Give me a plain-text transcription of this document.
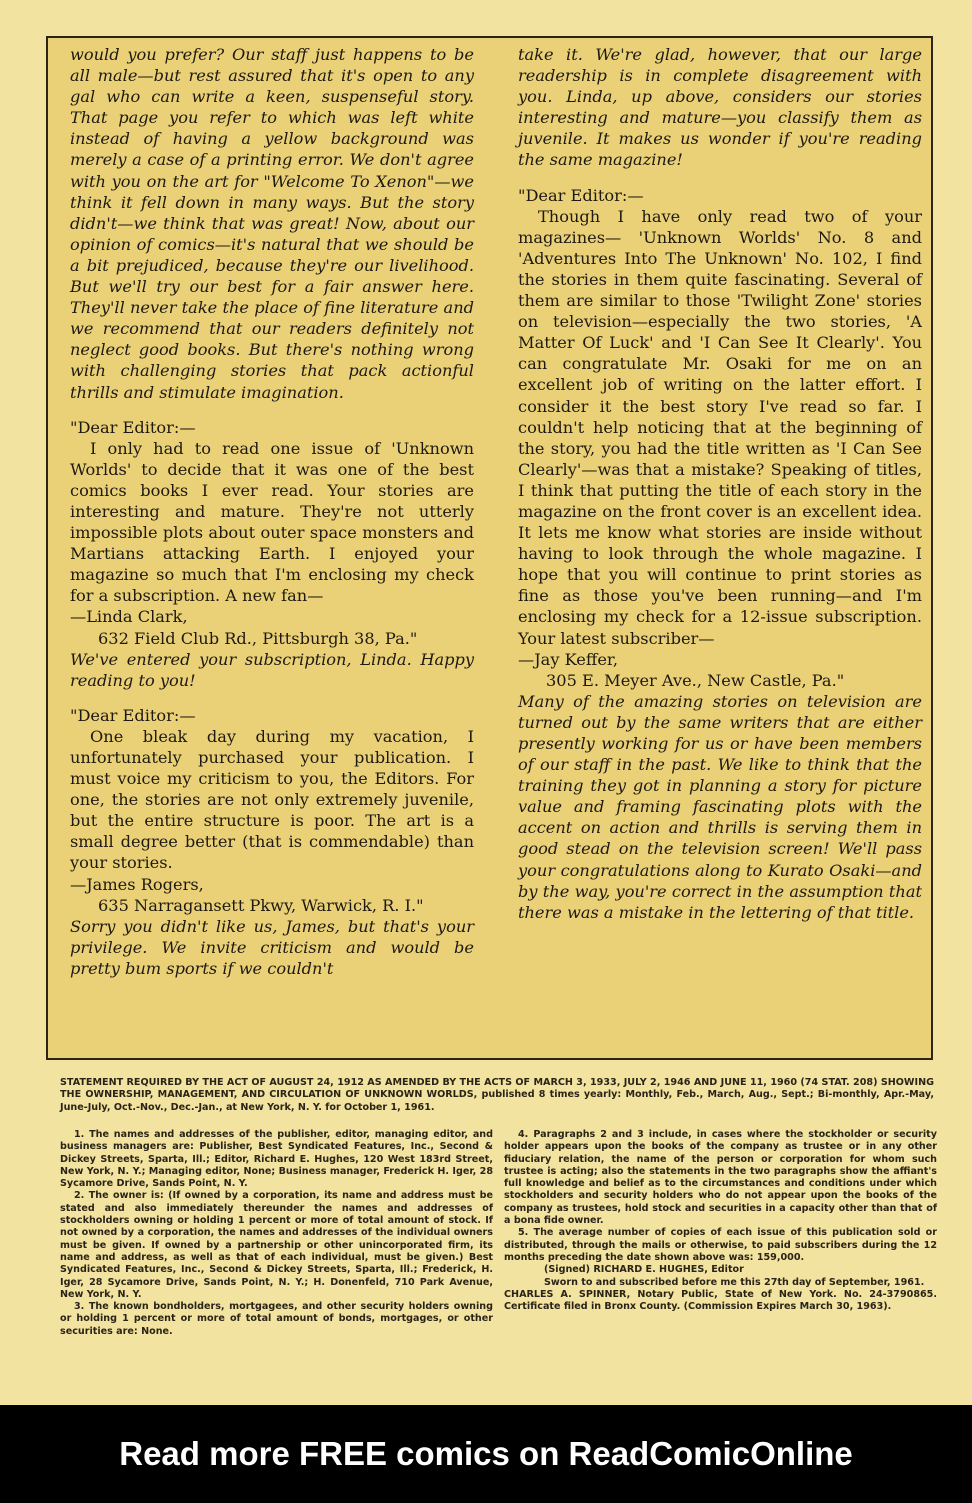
would you prefer? Our staff just happens to be all male—but rest assured that it's open to any gal who can write a keen, suspenseful story. That page you refer to which was left white instead of having a yellow background was merely a case of a printing error. We don't agree with you on the art for "Welcome To Xenon"—we think it fell down in many ways. But the story didn't—we think that was great! Now, about our opinion of comics—it's natural that we should be a bit prejudiced, because they're our livelihood. But we'll try our best for a fair answer here. They'll never take the place of fine literature and we recommend that our readers definitely not neglect good books. But there's nothing wrong with challenging stories that pack actionful thrills and stimulate imagination.

"Dear Editor:—

I only had to read one issue of 'Unknown Worlds' to decide that it was one of the best comics books I ever read. Your stories are interesting and mature. They're not utterly impossible plots about outer space monsters and Martians attacking Earth. I enjoyed your magazine so much that I'm enclosing my check for a subscription. A new fan—

—Linda Clark,

632 Field Club Rd., Pittsburgh 38, Pa."

We've entered your subscription, Linda. Happy reading to you!

"Dear Editor:—

One bleak day during my vacation, I unfortunately purchased your publication. I must voice my criticism to you, the Editors. For one, the stories are not only extremely juvenile, but the entire structure is poor. The art is a small degree better (that is commendable) than your stories.

—James Rogers,

635 Narragansett Pkwy, Warwick, R. I."

Sorry you didn't like us, James, but that's your privilege. We invite criticism and would be pretty bum sports if we couldn't

take it. We're glad, however, that our large readership is in complete disagreement with you. Linda, up above, considers our stories interesting and mature—you classify them as juvenile. It makes us wonder if you're reading the same magazine!

"Dear Editor:—

Though I have only read two of your magazines— 'Unknown Worlds' No. 8 and 'Adventures Into The Unknown' No. 102, I find the stories in them quite fascinating. Several of them are similar to those 'Twilight Zone' stories on television—especially the two stories, 'A Matter Of Luck' and 'I Can See It Clearly'. You can congratulate Mr. Osaki for me on an excellent job of writing on the latter effort. I consider it the best story I've read so far. I couldn't help noticing that at the beginning of the story, you had the title written as 'I Can See Clearly'—was that a mistake? Speaking of titles, I think that putting the title of each story in the magazine on the front cover is an excellent idea. It lets me know what stories are inside without having to look through the whole magazine. I hope that you will continue to print stories as fine as those you've been running—and I'm enclosing my check for a 12-issue subscription. Your latest subscriber—

—Jay Keffer,

305 E. Meyer Ave., New Castle, Pa."

Many of the amazing stories on television are turned out by the same writers that are either presently working for us or have been members of our staff in the past. We like to think that the training they got in planning a story for picture value and framing fascinating plots with the accent on action and thrills is serving them in good stead on the television screen! We'll pass your congratulations along to Kurato Osaki—and by the way, you're correct in the assumption that there was a mistake in the lettering of that title.

STATEMENT REQUIRED BY THE ACT OF AUGUST 24, 1912 AS AMENDED BY THE ACTS OF MARCH 3, 1933, JULY 2, 1946 AND JUNE 11, 1960 (74 STAT. 208) SHOWING THE OWNERSHIP, MANAGEMENT, AND CIRCULATION OF UNKNOWN WORLDS, published 8 times yearly: Monthly, Feb., March, Aug., Sept.; Bi-monthly, Apr.-May, June-July, Oct.-Nov., Dec.-Jan., at New York, N. Y. for October 1, 1961.

1. The names and addresses of the publisher, editor, managing editor, and business managers are: Publisher, Best Syndicated Features, Inc., Second & Dickey Streets, Sparta, Ill.; Editor, Richard E. Hughes, 120 West 183rd Street, New York, N. Y.; Managing editor, None; Business manager, Frederick H. Iger, 28 Sycamore Drive, Sands Point, N. Y.

2. The owner is: (If owned by a corporation, its name and address must be stated and also immediately thereunder the names and addresses of stockholders owning or holding 1 percent or more of total amount of stock. If not owned by a corporation, the names and addresses of the individual owners must be given. If owned by a partnership or other unincorporated firm, its name and address, as well as that of each individual, must be given.) Best Syndicated Features, Inc., Second & Dickey Streets, Sparta, Ill.; Frederick, H. Iger, 28 Sycamore Drive, Sands Point, N. Y.; H. Donenfeld, 710 Park Avenue, New York, N. Y.

3. The known bondholders, mortgagees, and other security holders owning or holding 1 percent or more of total amount of bonds, mortgages, or other securities are: None.

4. Paragraphs 2 and 3 include, in cases where the stockholder or security holder appears upon the books of the company as trustee or in any other fiduciary relation, the name of the person or corporation for whom such trustee is acting; also the statements in the two paragraphs show the affiant's full knowledge and belief as to the circumstances and conditions under which stockholders and security holders who do not appear upon the books of the company as trustees, hold stock and securities in a capacity other than that of a bona fide owner.

5. The average number of copies of each issue of this publication sold or distributed, through the mails or otherwise, to paid subscribers during the 12 months preceding the date shown above was: 159,000.

(Signed) RICHARD E. HUGHES, Editor

Sworn to and subscribed before me this 27th day of September, 1961.

CHARLES A. SPINNER, Notary Public, State of New York. No. 24-3790865. Certificate filed in Bronx County. (Commission Expires March 30, 1963).

Read more FREE comics on ReadComicOnline
